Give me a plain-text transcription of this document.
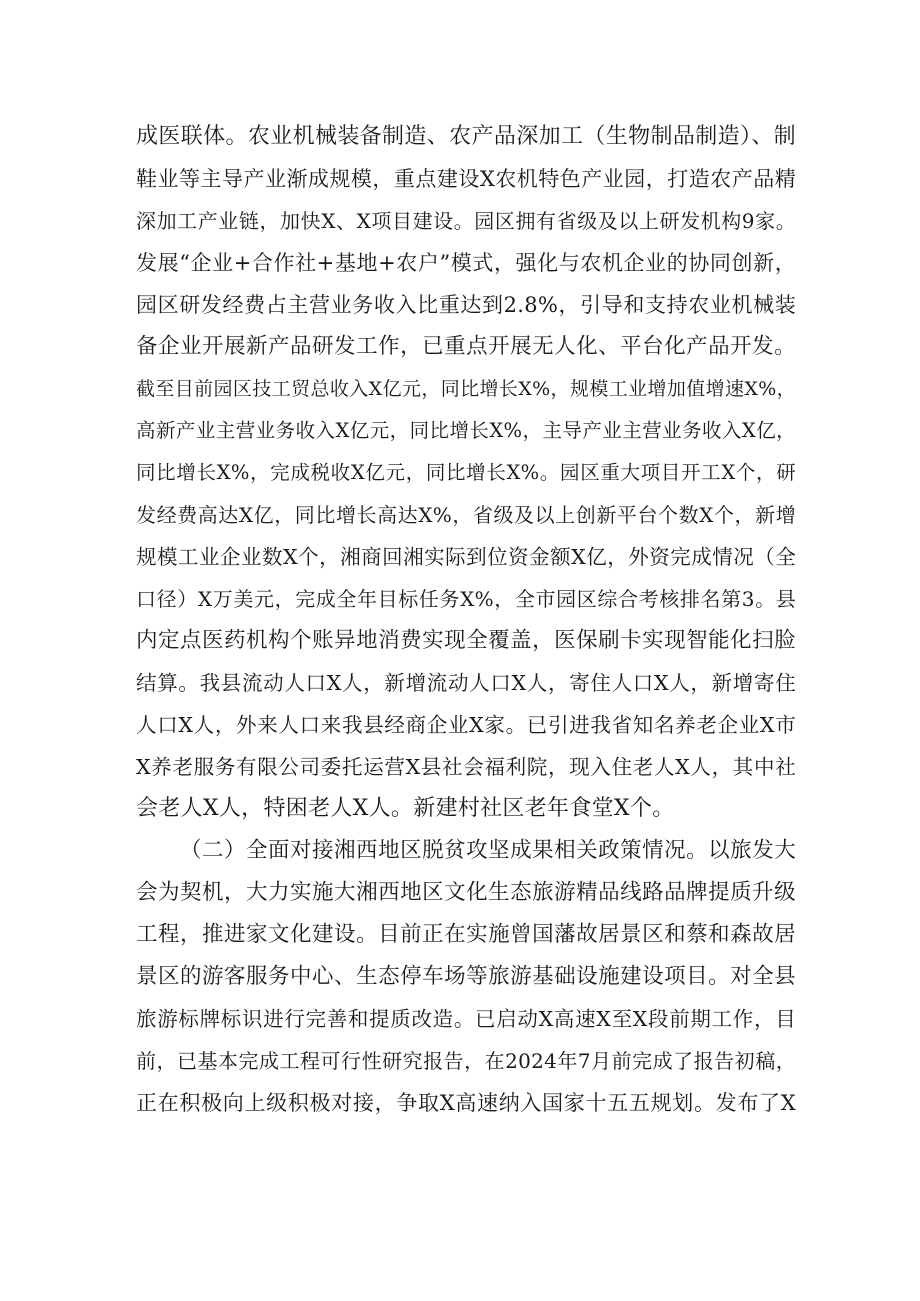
成医联体。农业机械装备制造、农产品深加工（生物制品制造）、制
鞋业等主导产业渐成规模，重点建设X农机特色产业园，打造农产品精
深加工产业链，加快X、X项目建设。园区拥有省级及以上研发机构9家。
发展“企业+合作社+基地+农户”模式，强化与农机企业的协同创新，
园区研发经费占主营业务收入比重达到2.8%，引导和支持农业机械装
备企业开展新产品研发工作，已重点开展无人化、平台化产品开发。
截至目前园区技工贸总收入X亿元，同比增长X%，规模工业增加值增速X%，
高新产业主营业务收入X亿元，同比增长X%，主导产业主营业务收入X亿，
同比增长X%，完成税收X亿元，同比增长X%。园区重大项目开工X个，研
发经费高达X亿，同比增长高达X%，省级及以上创新平台个数X个，新增
规模工业企业数X个，湘商回湘实际到位资金额X亿，外资完成情况（全
口径）X万美元，完成全年目标任务X%，全市园区综合考核排名第3。县
内定点医药机构个账异地消费实现全覆盖，医保刷卡实现智能化扫脸
结算。我县流动人口X人，新增流动人口X人，寄住人口X人，新增寄住
人口X人，外来人口来我县经商企业X家。已引进我省知名养老企业X市
X养老服务有限公司委托运营X县社会福利院，现入住老人X人，其中社
会老人X人，特困老人X人。新建村社区老年食堂X个。
（二）全面对接湘西地区脱贫攻坚成果相关政策情况。以旅发大
会为契机，大力实施大湘西地区文化生态旅游精品线路品牌提质升级
工程，推进家文化建设。目前正在实施曾国藩故居景区和蔡和森故居
景区的游客服务中心、生态停车场等旅游基础设施建设项目。对全县
旅游标牌标识进行完善和提质改造。已启动X高速X至X段前期工作，目
前，已基本完成工程可行性研究报告，在2024年7月前完成了报告初稿，
正在积极向上级积极对接，争取X高速纳入国家十五五规划。发布了X
